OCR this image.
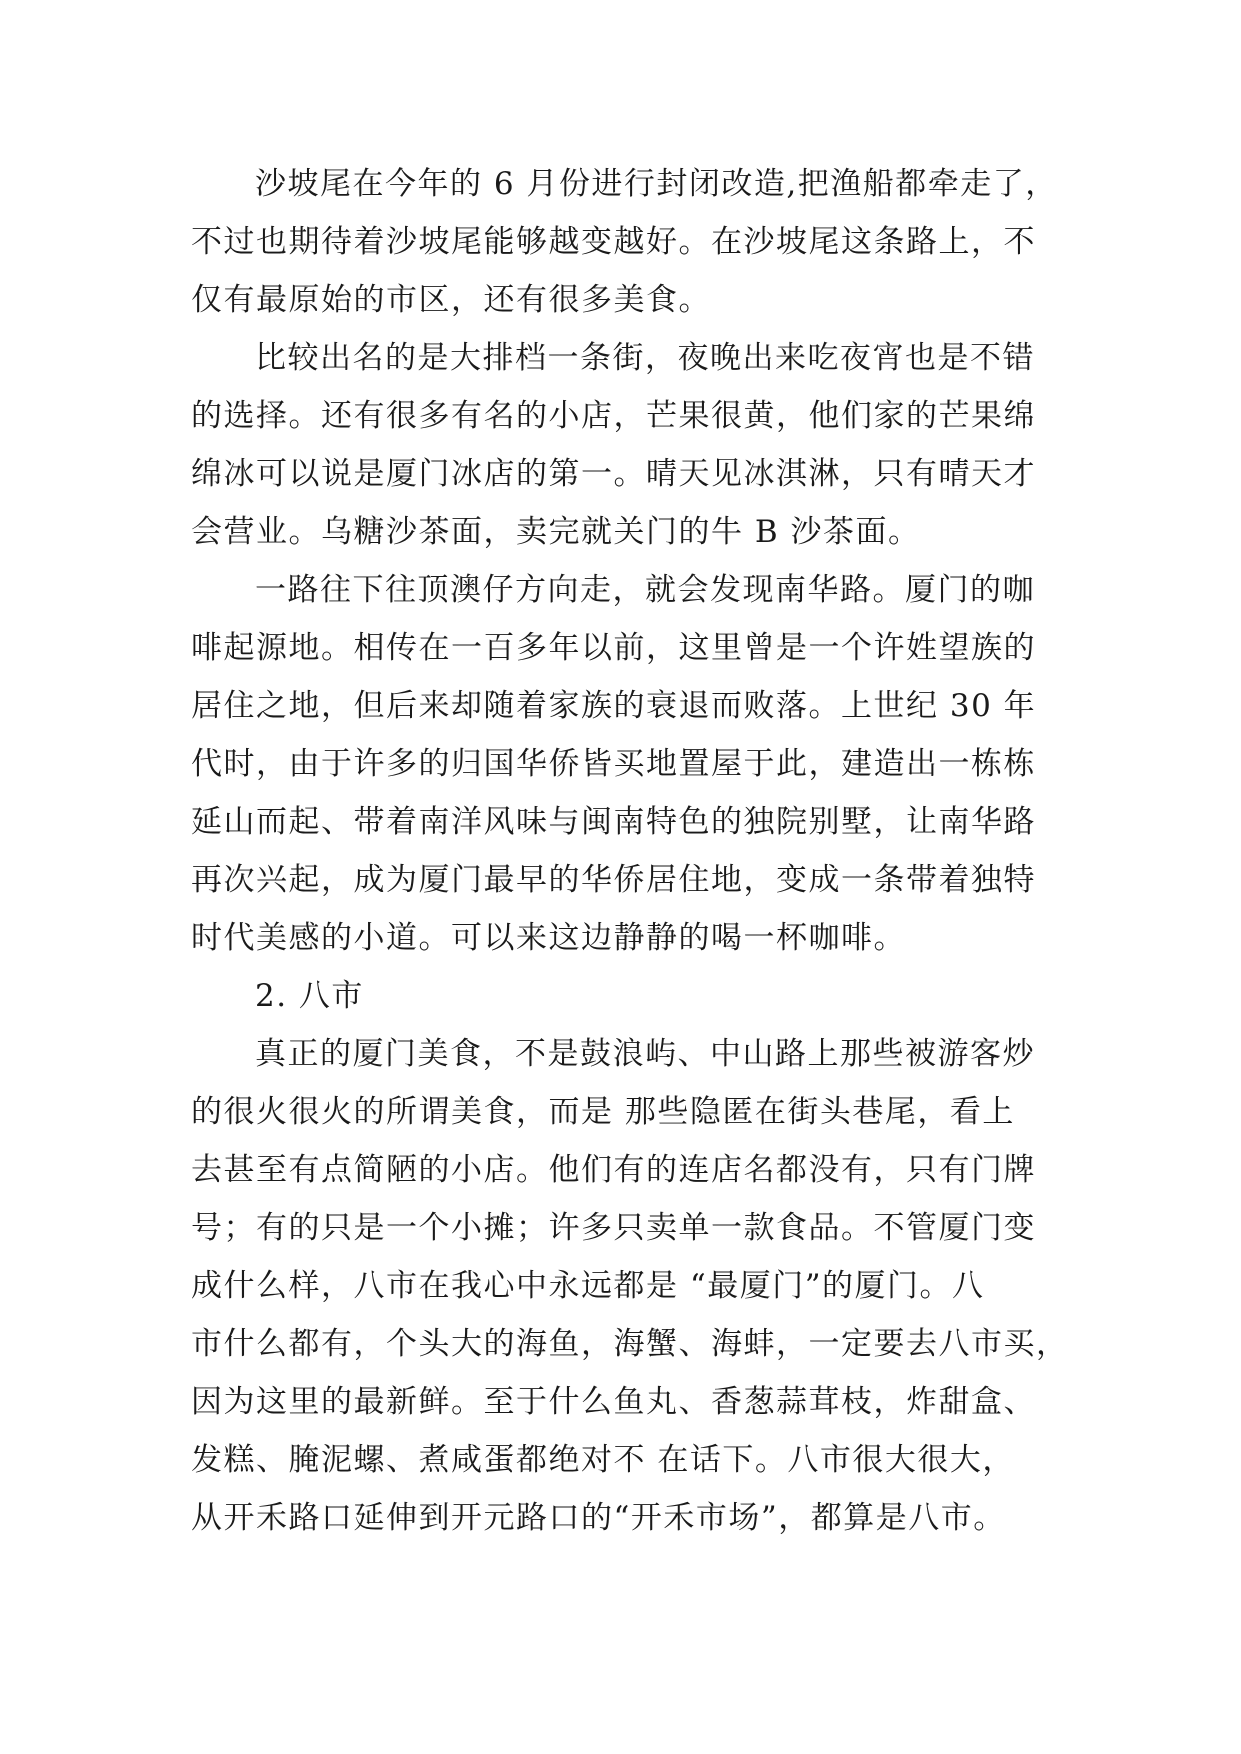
沙坡尾在今年的 6 月份进行封闭改造,把渔船都牵走了，
不过也期待着沙坡尾能够越变越好。在沙坡尾这条路上，不
仅有最原始的市区，还有很多美食。
比较出名的是大排档一条街，夜晚出来吃夜宵也是不错
的选择。还有很多有名的小店，芒果很黄，他们家的芒果绵
绵冰可以说是厦门冰店的第一。晴天见冰淇淋，只有晴天才
会营业。乌糖沙茶面，卖完就关门的牛 B 沙茶面。
一路往下往顶澳仔方向走，就会发现南华路。厦门的咖
啡起源地。相传在一百多年以前，这里曾是一个许姓望族的
居住之地，但后来却随着家族的衰退而败落。上世纪 30 年
代时，由于许多的归国华侨皆买地置屋于此，建造出一栋栋
延山而起、带着南洋风味与闽南特色的独院别墅，让南华路
再次兴起，成为厦门最早的华侨居住地，变成一条带着独特
时代美感的小道。可以来这边静静的喝一杯咖啡。
2. 八市
真正的厦门美食，不是鼓浪屿、中山路上那些被游客炒
的很火很火的所谓美食，而是 那些隐匿在街头巷尾，看上
去甚至有点简陋的小店。他们有的连店名都没有，只有门牌
号；有的只是一个小摊；许多只卖单一款食品。不管厦门变
成什么样，八市在我心中永远都是 “最厦门”的厦门。八
市什么都有，个头大的海鱼，海蟹、海蚌，一定要去八市买，
因为这里的最新鲜。至于什么鱼丸、香葱蒜茸枝，炸甜盒、
发糕、腌泥螺、煮咸蛋都绝对不 在话下。八市很大很大，
从开禾路口延伸到开元路口的“开禾市场”，都算是八市。
